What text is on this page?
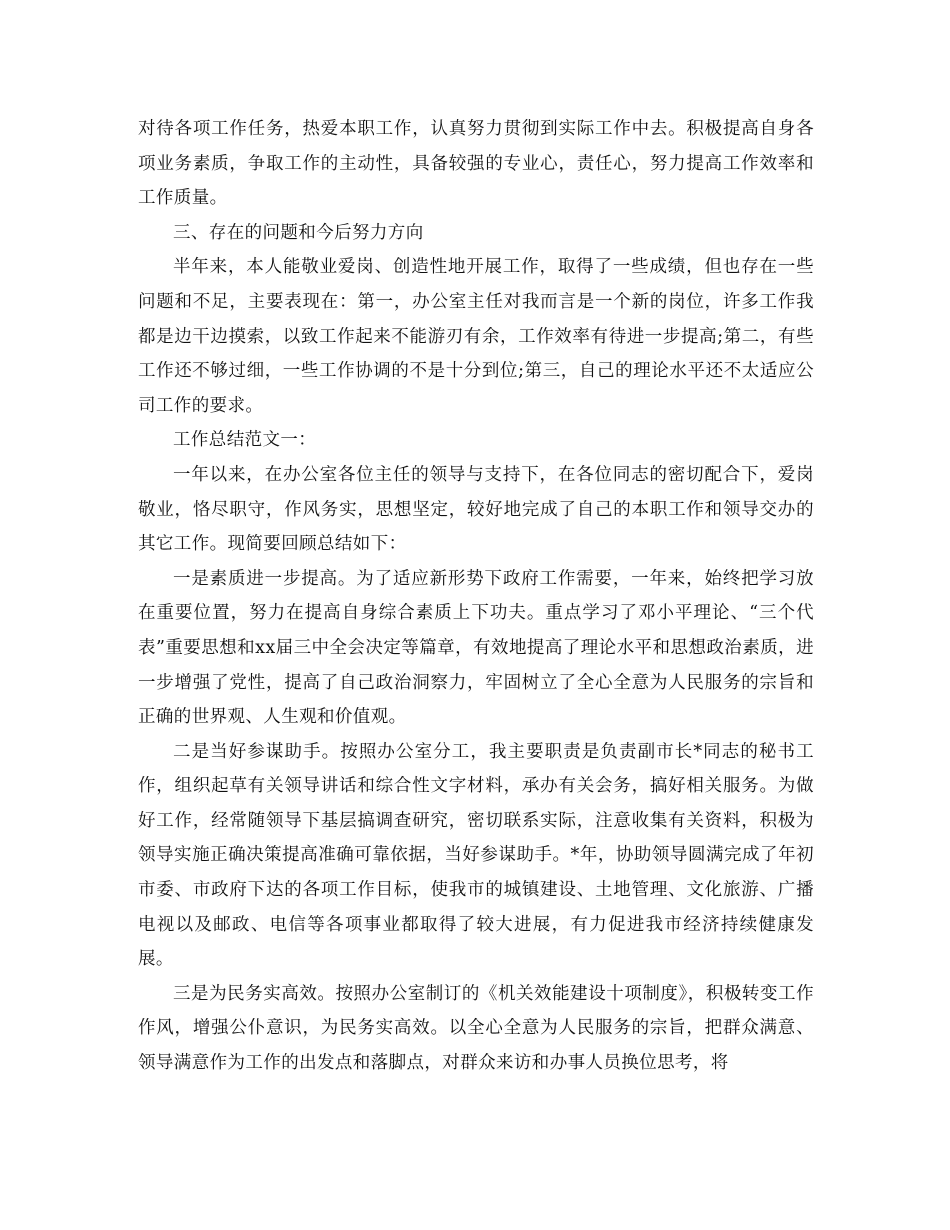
对待各项工作任务，热爱本职工作，认真努力贯彻到实际工作中去。积极提高自身各项业务素质，争取工作的主动性，具备较强的专业心，责任心，努力提高工作效率和工作质量。

三、存在的问题和今后努力方向

半年来，本人能敬业爱岗、创造性地开展工作，取得了一些成绩，但也存在一些问题和不足，主要表现在：第一，办公室主任对我而言是一个新的岗位，许多工作我都是边干边摸索，以致工作起来不能游刃有余，工作效率有待进一步提高;第二，有些工作还不够过细，一些工作协调的不是十分到位;第三，自己的理论水平还不太适应公司工作的要求。

工作总结范文一：

一年以来，在办公室各位主任的领导与支持下，在各位同志的密切配合下，爱岗敬业，恪尽职守，作风务实，思想坚定，较好地完成了自己的本职工作和领导交办的其它工作。现简要回顾总结如下：

一是素质进一步提高。为了适应新形势下政府工作需要，一年来，始终把学习放在重要位置，努力在提高自身综合素质上下功夫。重点学习了邓小平理论、“三个代表”重要思想和xx届三中全会决定等篇章，有效地提高了理论水平和思想政治素质，进一步增强了党性，提高了自己政治洞察力，牢固树立了全心全意为人民服务的宗旨和正确的世界观、人生观和价值观。

二是当好参谋助手。按照办公室分工，我主要职责是负责副市长*同志的秘书工作，组织起草有关领导讲话和综合性文字材料，承办有关会务，搞好相关服务。为做好工作，经常随领导下基层搞调查研究，密切联系实际，注意收集有关资料，积极为领导实施正确决策提高准确可靠依据，当好参谋助手。*年，协助领导圆满完成了年初市委、市政府下达的各项工作目标，使我市的城镇建设、土地管理、文化旅游、广播电视以及邮政、电信等各项事业都取得了较大进展，有力促进我市经济持续健康发展。

三是为民务实高效。按照办公室制订的《机关效能建设十项制度》，积极转变工作作风，增强公仆意识，为民务实高效。以全心全意为人民服务的宗旨，把群众满意、领导满意作为工作的出发点和落脚点，对群众来访和办事人员换位思考，将
